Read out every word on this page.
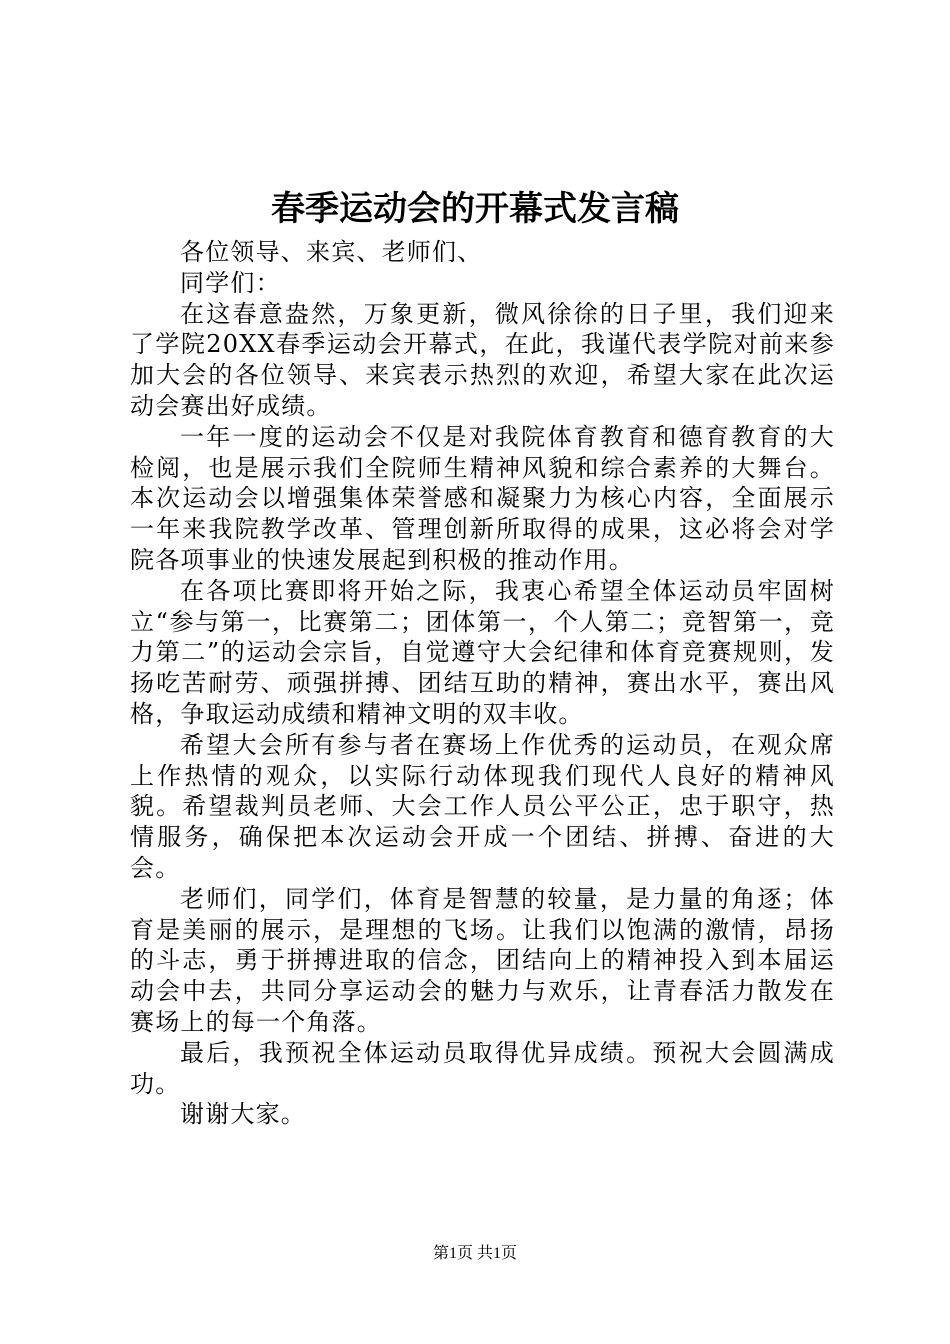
春季运动会的开幕式发言稿

各位领导、来宾、老师们、

同学们：

在这春意盎然，万象更新，微风徐徐的日子里，我们迎来了学院20XX春季运动会开幕式，在此，我谨代表学院对前来参加大会的各位领导、来宾表示热烈的欢迎，希望大家在此次运动会赛出好成绩。

一年一度的运动会不仅是对我院体育教育和德育教育的大检阅，也是展示我们全院师生精神风貌和综合素养的大舞台。本次运动会以增强集体荣誉感和凝聚力为核心内容，全面展示一年来我院教学改革、管理创新所取得的成果，这必将会对学院各项事业的快速发展起到积极的推动作用。

在各项比赛即将开始之际，我衷心希望全体运动员牢固树立“参与第一，比赛第二；团体第一，个人第二；竞智第一，竞力第二”的运动会宗旨，自觉遵守大会纪律和体育竞赛规则，发扬吃苦耐劳、顽强拼搏、团结互助的精神，赛出水平，赛出风格，争取运动成绩和精神文明的双丰收。

希望大会所有参与者在赛场上作优秀的运动员，在观众席上作热情的观众，以实际行动体现我们现代人良好的精神风貌。希望裁判员老师、大会工作人员公平公正，忠于职守，热情服务，确保把本次运动会开成一个团结、拼搏、奋进的大会。

老师们，同学们，体育是智慧的较量，是力量的角逐；体育是美丽的展示，是理想的飞场。让我们以饱满的激情，昂扬的斗志，勇于拼搏进取的信念，团结向上的精神投入到本届运动会中去，共同分享运动会的魅力与欢乐，让青春活力散发在赛场上的每一个角落。

最后，我预祝全体运动员取得优异成绩。预祝大会圆满成功。

谢谢大家。

第1页 共1页
